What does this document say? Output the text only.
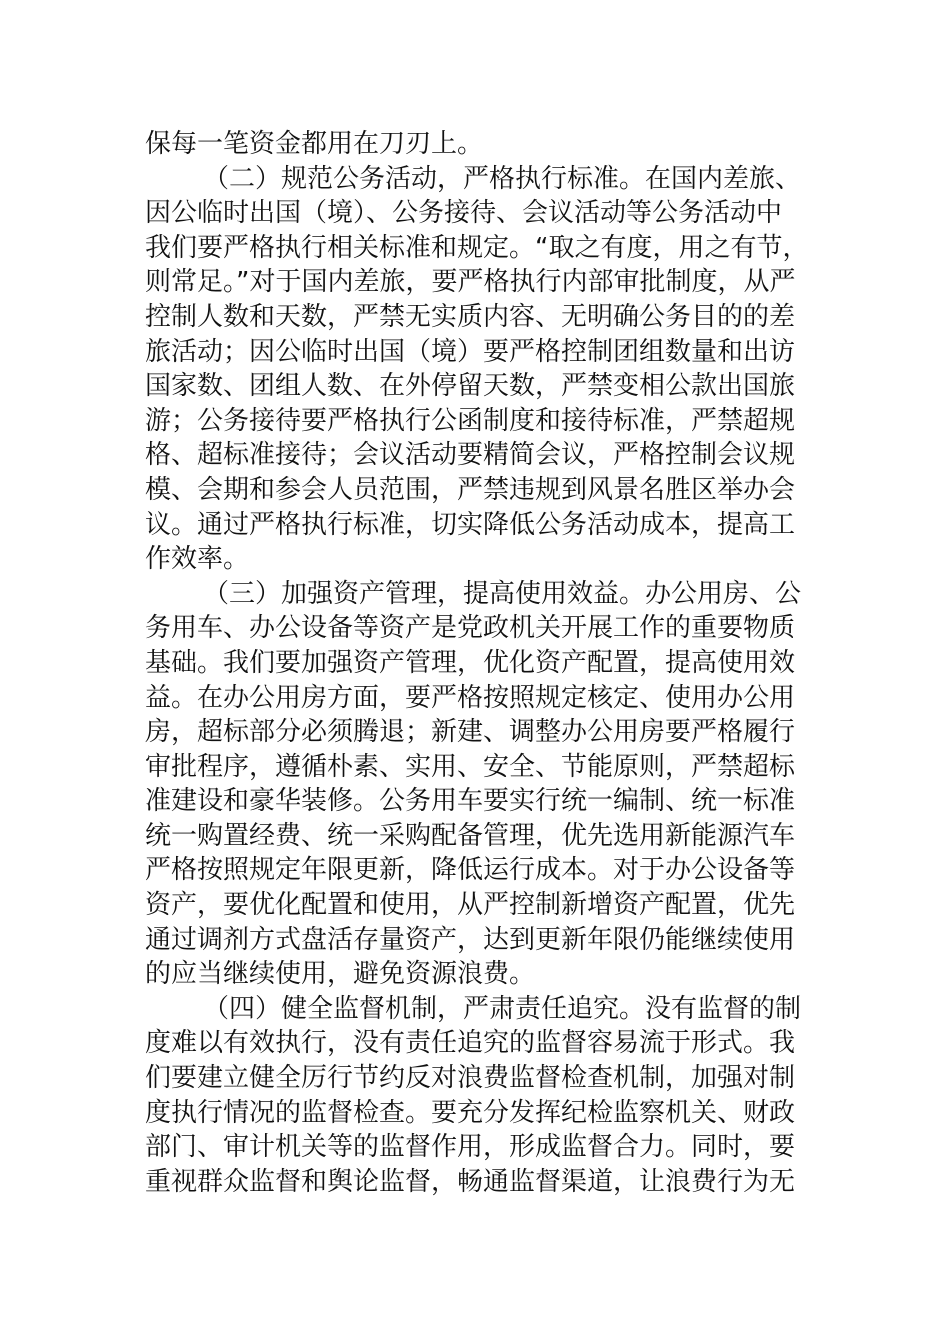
保每一笔资金都用在刀刃上。
（二）规范公务活动，严格执行标准。在国内差旅、
因公临时出国（境）、公务接待、会议活动等公务活动中
我们要严格执行相关标准和规定。“取之有度，用之有节，
则常足。”对于国内差旅，要严格执行内部审批制度，从严
控制人数和天数，严禁无实质内容、无明确公务目的的差
旅活动；因公临时出国（境）要严格控制团组数量和出访
国家数、团组人数、在外停留天数，严禁变相公款出国旅
游；公务接待要严格执行公函制度和接待标准，严禁超规
格、超标准接待；会议活动要精简会议，严格控制会议规
模、会期和参会人员范围，严禁违规到风景名胜区举办会
议。通过严格执行标准，切实降低公务活动成本，提高工
作效率。
（三）加强资产管理，提高使用效益。办公用房、公
务用车、办公设备等资产是党政机关开展工作的重要物质
基础。我们要加强资产管理，优化资产配置，提高使用效
益。在办公用房方面，要严格按照规定核定、使用办公用
房，超标部分必须腾退；新建、调整办公用房要严格履行
审批程序，遵循朴素、实用、安全、节能原则，严禁超标
准建设和豪华装修。公务用车要实行统一编制、统一标准
统一购置经费、统一采购配备管理，优先选用新能源汽车
严格按照规定年限更新，降低运行成本。对于办公设备等
资产，要优化配置和使用，从严控制新增资产配置，优先
通过调剂方式盘活存量资产，达到更新年限仍能继续使用
的应当继续使用，避免资源浪费。
（四）健全监督机制，严肃责任追究。没有监督的制
度难以有效执行，没有责任追究的监督容易流于形式。我
们要建立健全厉行节约反对浪费监督检查机制，加强对制
度执行情况的监督检查。要充分发挥纪检监察机关、财政
部门、审计机关等的监督作用，形成监督合力。同时，要
重视群众监督和舆论监督，畅通监督渠道，让浪费行为无
